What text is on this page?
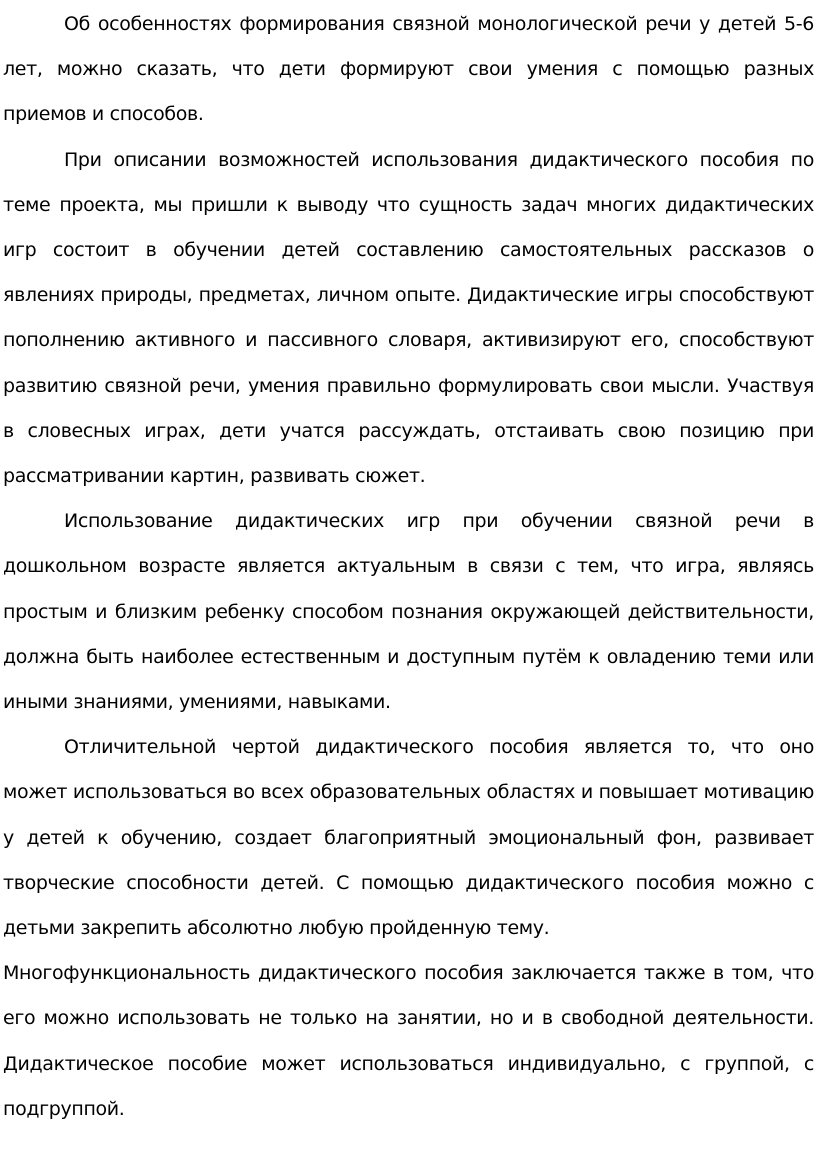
Об особенностях формирования связной монологической речи у детей 5-6 лет, можно сказать, что дети формируют свои умения с помощью разных приемов и способов.

При описании возможностей использования дидактического пособия по теме проекта, мы пришли к выводу что сущность задач многих дидактических игр состоит в обучении детей составлению самостоятельных рассказов о явлениях природы, предметах, личном опыте. Дидактические игры способствуют пополнению активного и пассивного словаря, активизируют его, способствуют развитию связной речи, умения правильно формулировать свои мысли. Участвуя в словесных играх, дети учатся рассуждать, отстаивать свою позицию при рассматривании картин, развивать сюжет.

Использование дидактических игр при обучении связной речи в дошкольном возрасте является актуальным в связи с тем, что игра, являясь простым и близким ребенку способом познания окружающей действительности, должна быть наиболее естественным и доступным путём к овладению теми или иными знаниями, умениями, навыками.

Отличительной чертой дидактического пособия является то, что оно может использоваться во всех образовательных областях и повышает мотивацию у детей к обучению, создает благоприятный эмоциональный фон, развивает творческие способности детей. С помощью дидактического пособия можно с детьми закрепить абсолютно любую пройденную тему.

Многофункциональность дидактического пособия заключается также в том, что его можно использовать не только на занятии, но и в свободной деятельности. Дидактическое пособие может использоваться индивидуально, с группой, с подгруппой.
